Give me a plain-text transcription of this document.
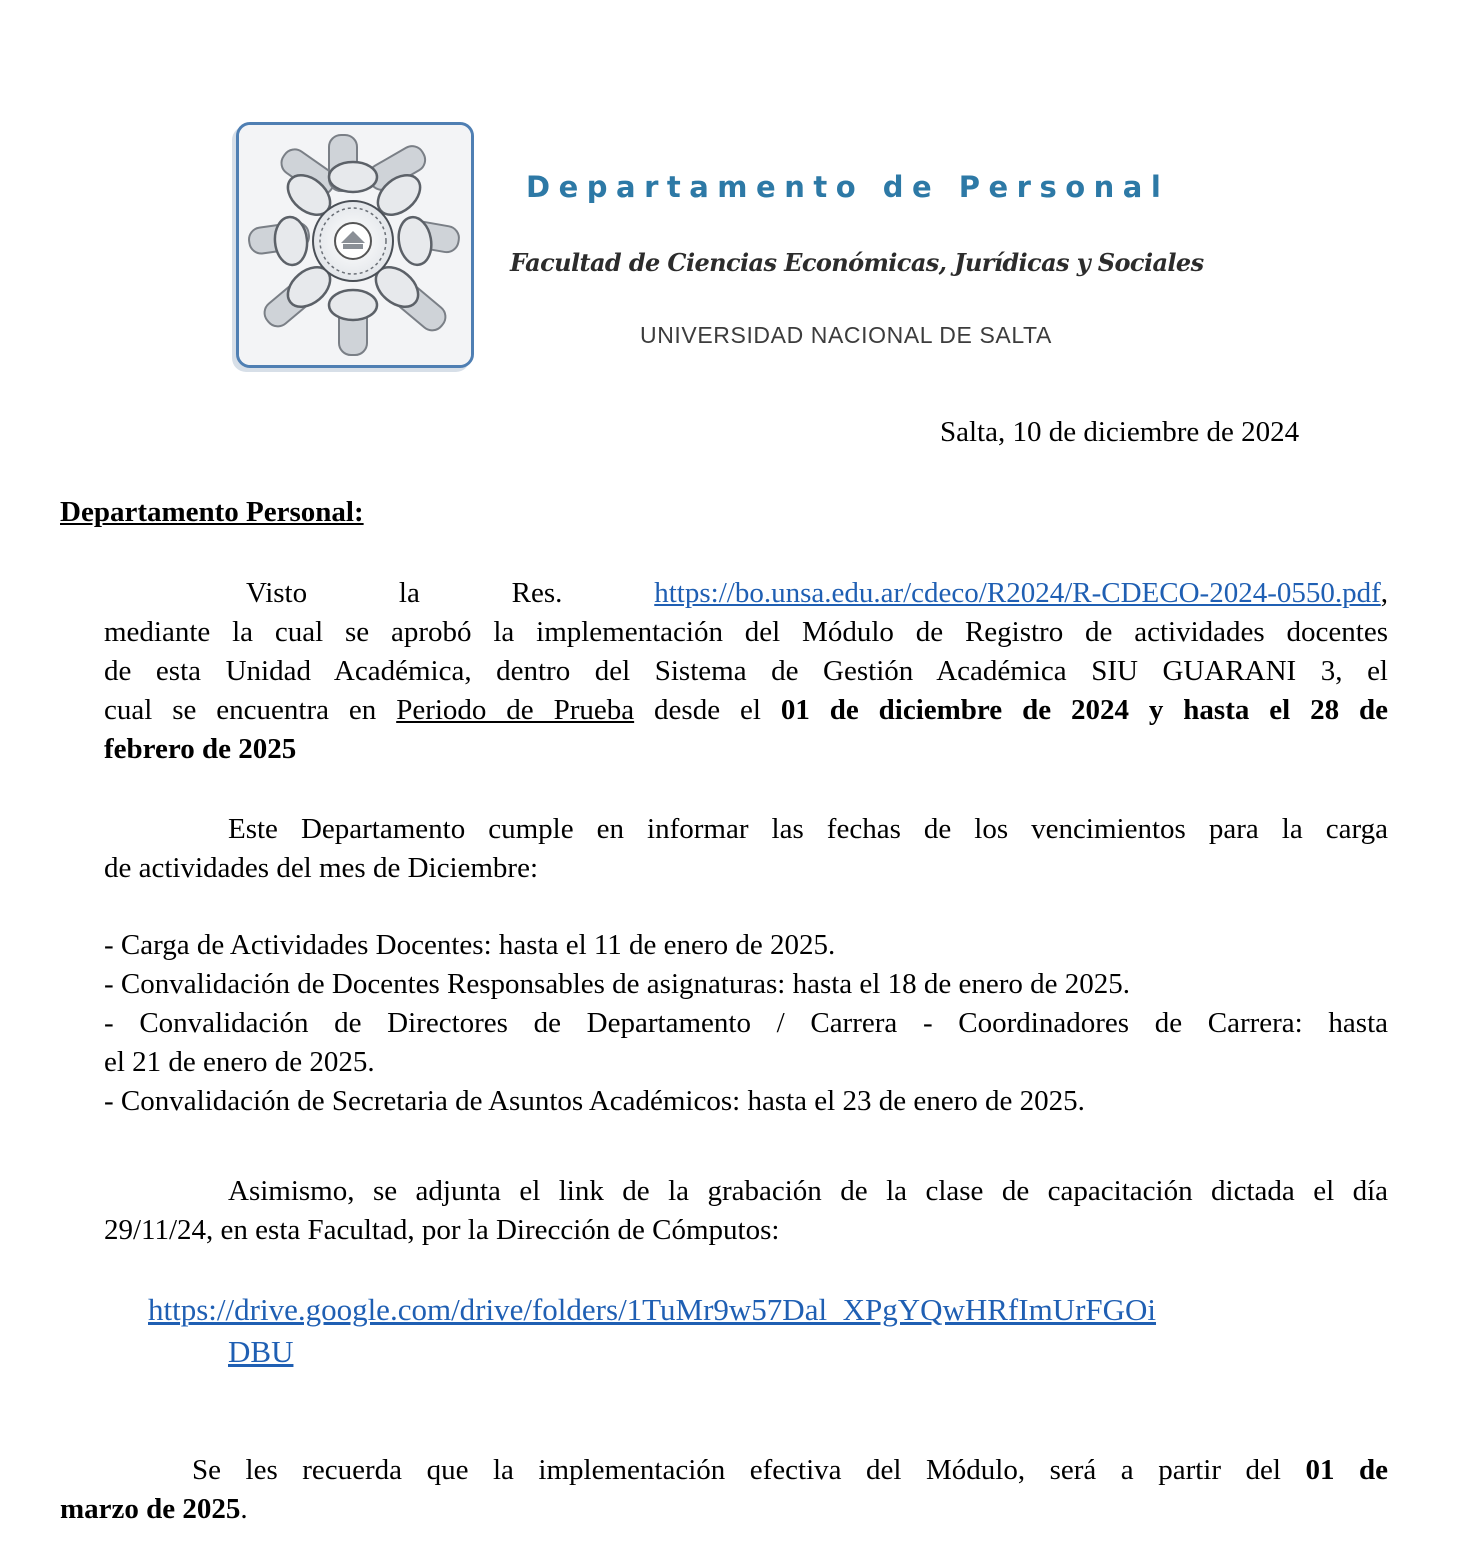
Departamento de Personal
Facultad de Ciencias Económicas, Jurídicas y Sociales
UNIVERSIDAD NACIONAL DE SALTA
Salta, 10 de diciembre de 2024
Departamento Personal:
Visto la Res.	https://bo.unsa.edu.ar/cdeco/R2024/R-CDECO-2024-0550.pdf,
mediante la cual se aprobó la implementación del Módulo de Registro de actividades docentes
de esta Unidad Académica, dentro del Sistema de Gestión Académica SIU GUARANI 3, el
cual se encuentra en Periodo de Prueba desde el 01 de diciembre de 2024 y hasta el 28 de
febrero de 2025
Este Departamento cumple en informar las fechas de los vencimientos para la carga
de actividades del mes de Diciembre:
- Carga de Actividades Docentes: hasta el 11 de enero de 2025.
- Convalidación de Docentes Responsables de asignaturas: hasta el 18 de enero de 2025.
- Convalidación de Directores de Departamento / Carrera - Coordinadores de Carrera: hasta
el 21 de enero de 2025.
- Convalidación de Secretaria de Asuntos Académicos: hasta el 23 de enero de 2025.
Asimismo, se adjunta el link de la grabación de la clase de capacitación dictada el día
29/11/24, en esta Facultad, por la Dirección de Cómputos:
https://drive.google.com/drive/folders/1TuMr9w57Dal_XPgYQwHRfImUrFGOi
DBU
Se les recuerda que la implementación efectiva del Módulo, será a partir del 01 de
marzo de 2025.
